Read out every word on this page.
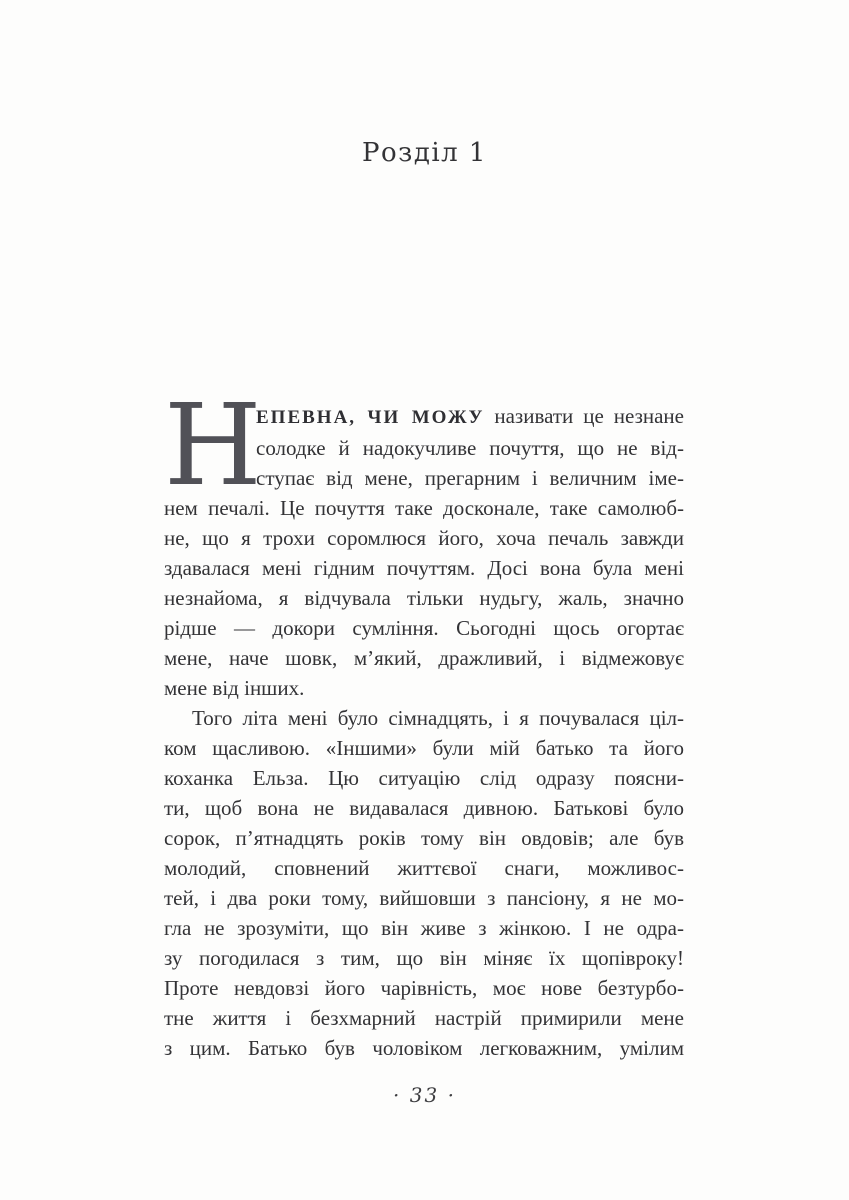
Розділ 1
Н
ЕПЕВНА, ЧИ МОЖУ називати це незнане
солодке й надокучливе почуття, що не від-
ступає від мене, прегарним і величним іме-
нем печалі. Це почуття таке досконале, таке самолюб-
не, що я трохи соромлюся його, хоча печаль завжди
здавалася мені гідним почуттям. Досі вона була мені
незнайома, я відчувала тільки нудьгу, жаль, значно
рідше — докори сумління. Сьогодні щось огортає
мене, наче шовк, м’який, дражливий, і відмежовує
мене від інших.
Того літа мені було сімнадцять, і я почувалася ціл-
ком щасливою. «Іншими» були мій батько та його
коханка Ельза. Цю ситуацію слід одразу поясни-
ти, щоб вона не видавалася дивною. Батькові було
сорок, п’ятнадцять років тому він овдовів; але був
молодий, сповнений життєвої снаги, можливос-
тей, і два роки тому, вийшовши з пансіону, я не мо-
гла не зрозуміти, що він живе з жінкою. І не одра-
зу погодилася з тим, що він міняє їх щопівроку!
Проте невдовзі його чарівність, моє нове безтурбо-
тне життя і безхмарний настрій примирили мене
з цим. Батько був чоловіком легковажним, умілим
· 33 ·
